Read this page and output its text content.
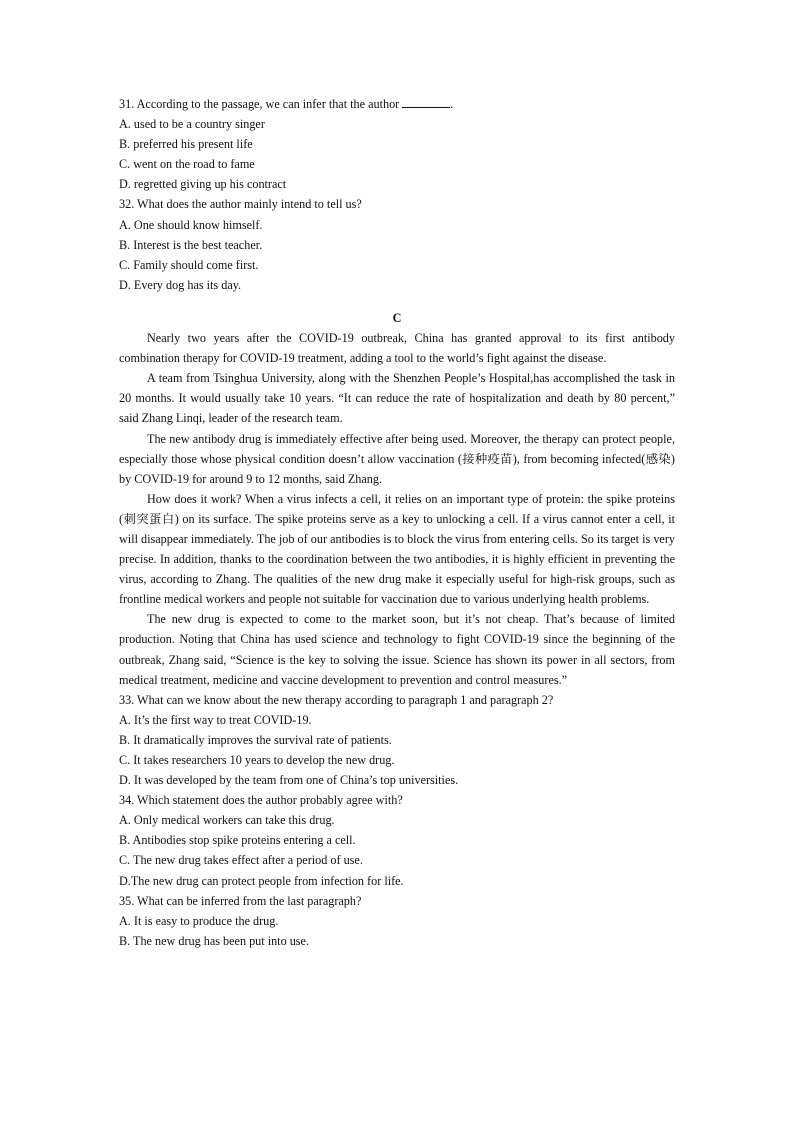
31. According to the passage, we can infer that the author	.
A. used to be a country singer
B. preferred his present life
C. went on the road to fame
D. regretted giving up his contract
32. What does the author mainly intend to tell us?
A. One should know himself.
B. Interest is the best teacher.
C. Family should come first.
D. Every dog has its day.
C

Nearly two years after the COVID-19 outbreak, China has granted approval to its first antibody combination therapy for COVID-19 treatment, adding a tool to the world’s fight against the disease.

A team from Tsinghua University, along with the Shenzhen People’s Hospital,has accomplished the task in 20 months. It would usually take 10 years. “It can reduce the rate of hospitalization and death by 80 percent,” said Zhang Linqi, leader of the research team.

The new antibody drug is immediately effective after being used. Moreover, the therapy can protect people, especially those whose physical condition doesn’t allow vaccination (接种疫苗), from becoming infected(感染) by COVID-19 for around 9 to 12 months, said Zhang.

How does it work? When a virus infects a cell, it relies on an important type of protein: the spike proteins (刺突蛋白) on its surface. The spike proteins serve as a key to unlocking a cell. If a virus cannot enter a cell, it will disappear immediately. The job of our antibodies is to block the virus from entering cells. So its target is very precise. In addition, thanks to the coordination between the two antibodies, it is highly efficient in preventing the virus, according to Zhang. The qualities of the new drug make it especially useful for high-risk groups, such as frontline medical workers and people not suitable for vaccination due to various underlying health problems.

The new drug is expected to come to the market soon, but it’s not cheap. That’s because of limited production. Noting that China has used science and technology to fight COVID-19 since the beginning of the outbreak, Zhang said, “Science is the key to solving the issue. Science has shown its power in all sectors, from medical treatment, medicine and vaccine development to prevention and control measures.”

33. What can we know about the new therapy according to paragraph 1 and paragraph 2?
A. It’s the first way to treat COVID-19.
B. It dramatically improves the survival rate of patients.
C. It takes researchers 10 years to develop the new drug.
D. It was developed by the team from one of China’s top universities.
34. Which statement does the author probably agree with?
A. Only medical workers can take this drug.
B. Antibodies stop spike proteins entering a cell.
C. The new drug takes effect after a period of use.
D.The new drug can protect people from infection for life.
35. What can be inferred from the last paragraph?
A. It is easy to produce the drug.
B. The new drug has been put into use.
